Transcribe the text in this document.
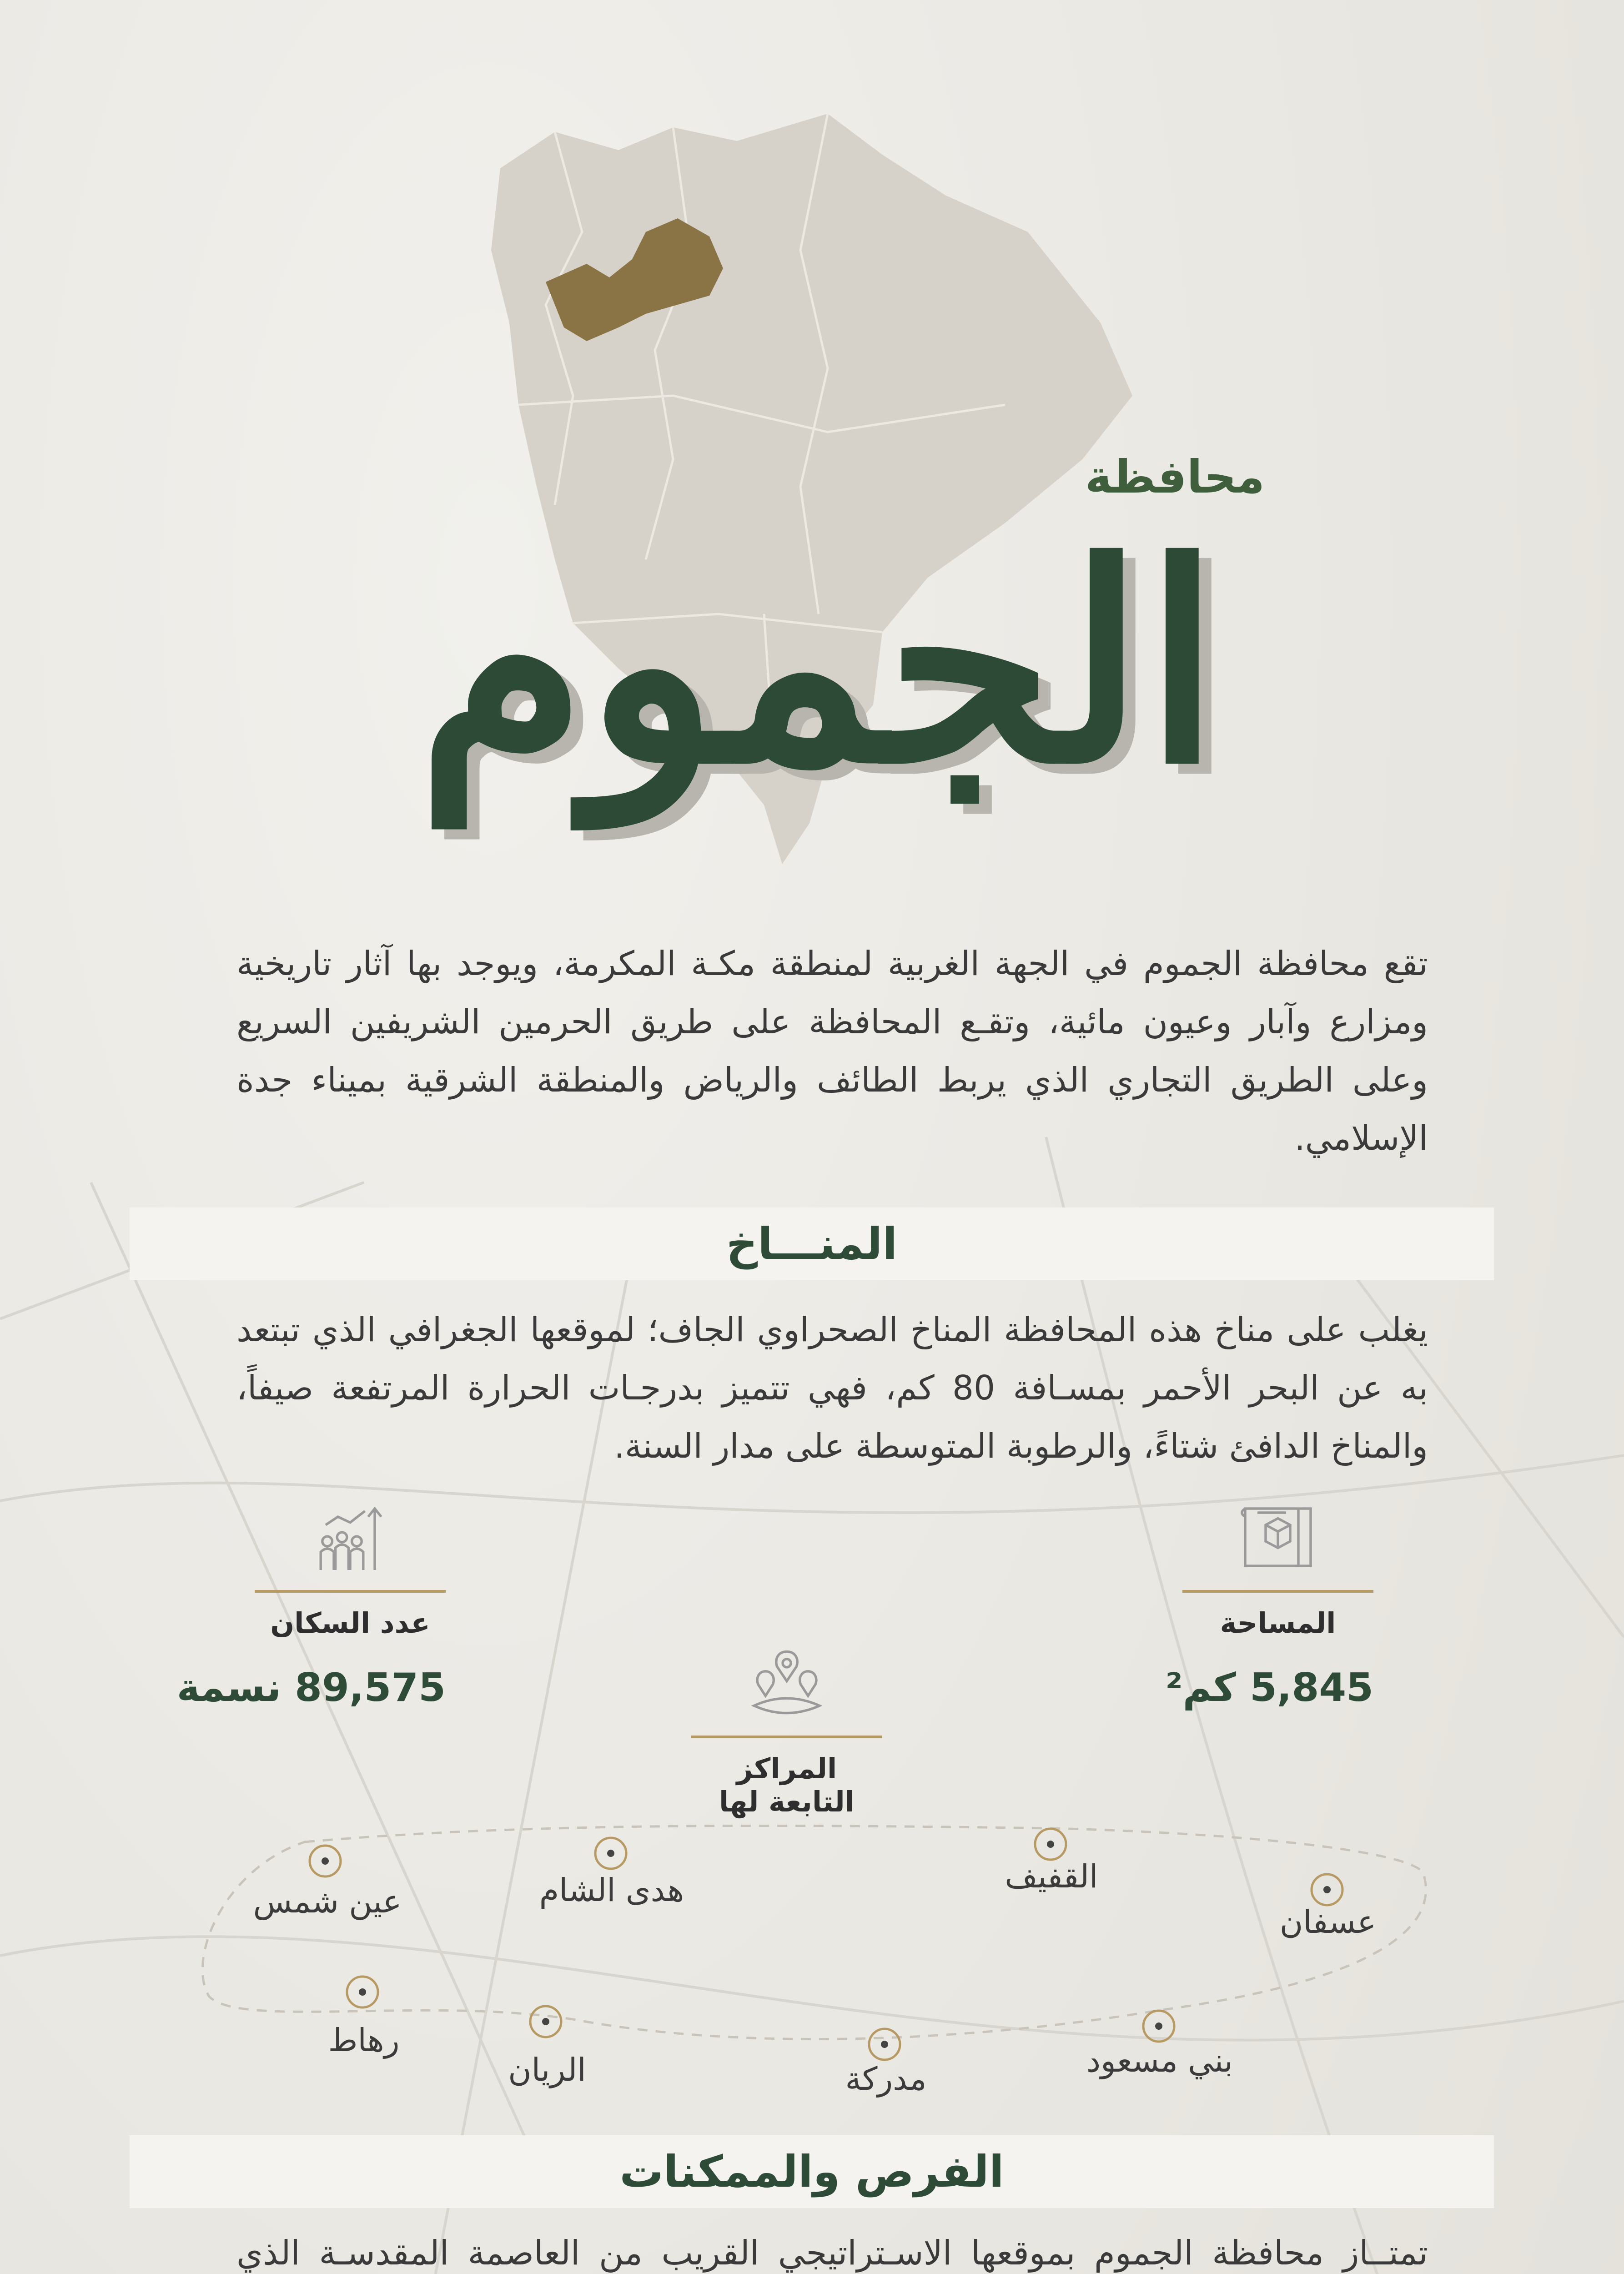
محافظة
الجموم
تقع محافظة الجموم في الجهة الغربية لمنطقة مكـة المكرمة، ويوجد بها آثار تاريخية ومزارع وآبار وعيون مائية، وتقـع المحافظة على طريق الحرمين الشريفين السريع وعلى الطريق التجاري الذي يربط الطائف والرياض والمنطقة الشرقية بميناء جدة الإسلامي.
المنـــاخ
يغلب على مناخ هذه المحافظة المناخ الصحراوي الجاف؛ لموقعها الجغرافي الذي تبتعد به عن البحر الأحمر بمسـافة 80 كم، فهي تتميز بدرجـات الحرارة المرتفعة صيفاً، والمناخ الدافئ شتاءً، والرطوبة المتوسطة على مدار السنة.
المساحة
5,845 كم²
عدد السكان
89,575 نسمة
المراكز التابعة لها
عين شمس	هدى الشام	القفيف
عسفان
رهاط
الريان	مدركة	بني مسعود
الفرص والممكنات
تمتــاز محافظة الجموم بموقعها الاسـتراتيجي القريب من العاصمة المقدسـة الذي
